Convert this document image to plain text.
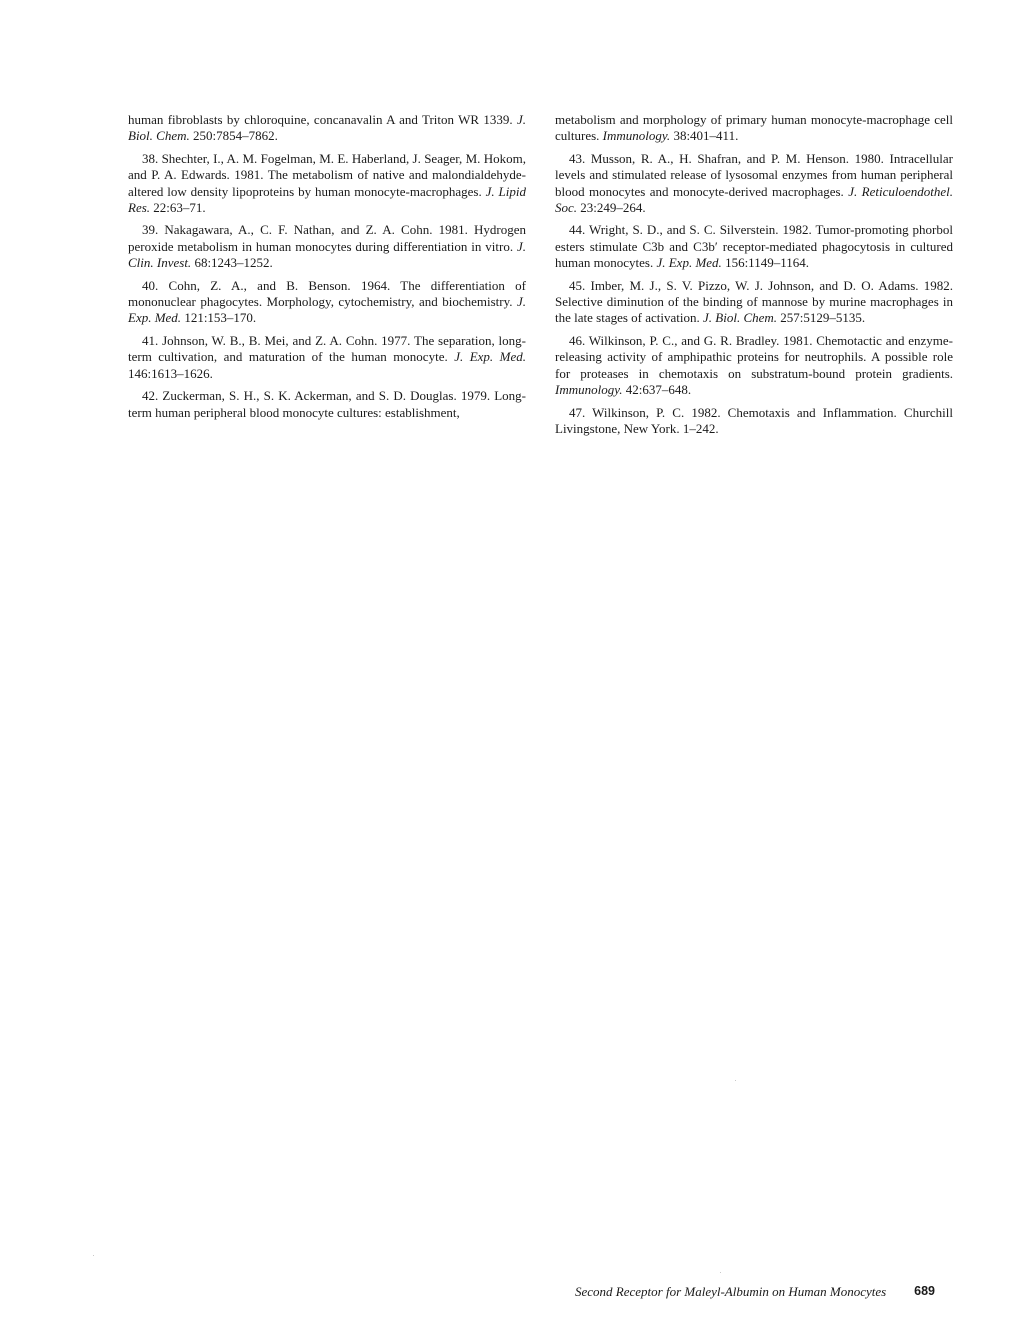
human fibroblasts by chloroquine, concanavalin A and Triton WR 1339. J. Biol. Chem. 250:7854–7862.

38. Shechter, I., A. M. Fogelman, M. E. Haberland, J. Seager, M. Hokom, and P. A. Edwards. 1981. The metabolism of native and malondialdehyde-altered low density lipoproteins by human monocyte-macrophages. J. Lipid Res. 22:63–71.

39. Nakagawara, A., C. F. Nathan, and Z. A. Cohn. 1981. Hydrogen peroxide metabolism in human monocytes during differentiation in vitro. J. Clin. Invest. 68:1243–1252.

40. Cohn, Z. A., and B. Benson. 1964. The differentiation of mononuclear phagocytes. Morphology, cytochemistry, and biochemistry. J. Exp. Med. 121:153–170.

41. Johnson, W. B., B. Mei, and Z. A. Cohn. 1977. The separation, long-term cultivation, and maturation of the human monocyte. J. Exp. Med. 146:1613–1626.

42. Zuckerman, S. H., S. K. Ackerman, and S. D. Douglas. 1979. Long-term human peripheral blood monocyte cultures: establishment,

metabolism and morphology of primary human monocyte-macrophage cell cultures. Immunology. 38:401–411.

43. Musson, R. A., H. Shafran, and P. M. Henson. 1980. Intracellular levels and stimulated release of lysosomal enzymes from human peripheral blood monocytes and monocyte-derived macrophages. J. Reticuloendothel. Soc. 23:249–264.

44. Wright, S. D., and S. C. Silverstein. 1982. Tumor-promoting phorbol esters stimulate C3b and C3b′ receptor-mediated phagocytosis in cultured human monocytes. J. Exp. Med. 156:1149–1164.

45. Imber, M. J., S. V. Pizzo, W. J. Johnson, and D. O. Adams. 1982. Selective diminution of the binding of mannose by murine macrophages in the late stages of activation. J. Biol. Chem. 257:5129–5135.

46. Wilkinson, P. C., and G. R. Bradley. 1981. Chemotactic and enzyme-releasing activity of amphipathic proteins for neutrophils. A possible role for proteases in chemotaxis on substratum-bound protein gradients. Immunology. 42:637–648.

47. Wilkinson, P. C. 1982. Chemotaxis and Inflammation. Churchill Livingstone, New York. 1–242.

Second Receptor for Maleyl-Albumin on Human Monocytes 689
